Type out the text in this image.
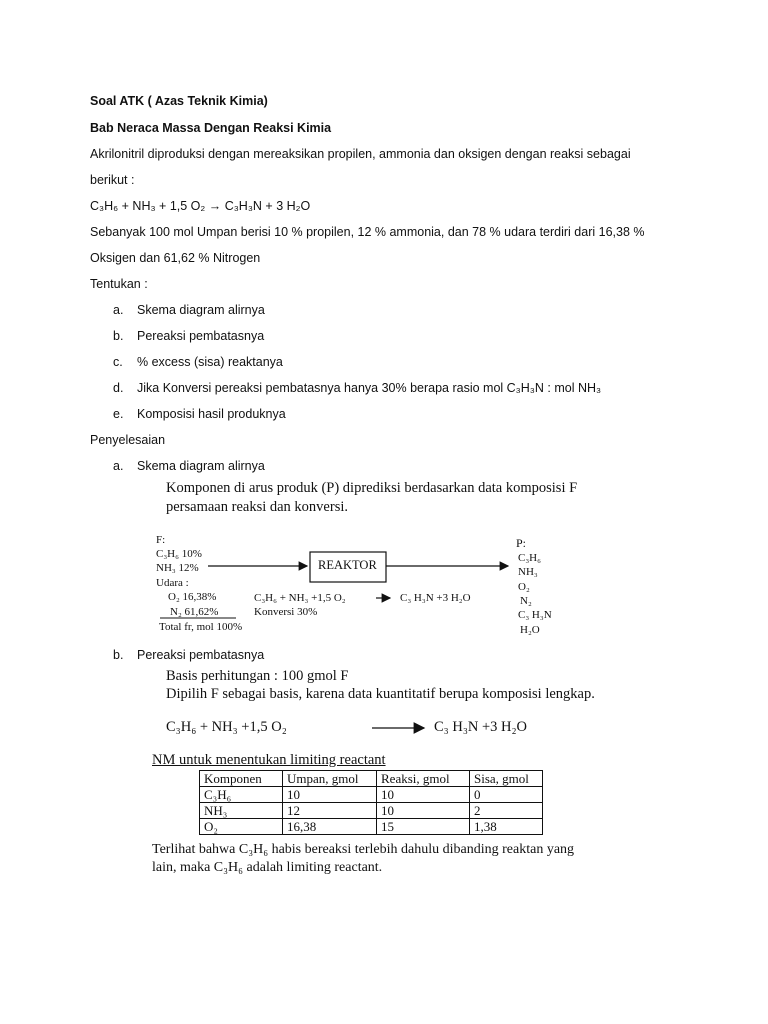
Soal ATK ( Azas Teknik Kimia)
Bab Neraca Massa Dengan Reaksi Kimia
Akrilonitril diproduksi dengan mereaksikan propilen, ammonia dan oksigen dengan reaksi sebagai
berikut :
C₃H₆ + NH₃ + 1,5 O₂ → C₃H₃N + 3 H₂O
Sebanyak 100 mol Umpan berisi 10 % propilen, 12 % ammonia, dan 78 % udara terdiri dari 16,38 %
Oksigen dan 61,62 % Nitrogen
Tentukan :
a. Skema diagram alirnya
b. Pereaksi pembatasnya
c. % excess (sisa) reaktanya
d. Jika Konversi pereaksi pembatasnya hanya 30% berapa rasio mol C₃H₃N : mol NH₃
e. Komposisi hasil produknya
Penyelesaian
a. Skema diagram alirnya
Komponen di arus produk (P) diprediksi berdasarkan data komposisi F
persamaan reaksi dan konversi.
F:
C₃H₆ 10%
NH₃ 12%
Udara :
O₂ 16,38%
N₂ 61,62%
Total fr, mol 100%
REAKTOR
C₃H₆ + NH₃ +1,5 O₂	C₃ H₃N +3 H₂O
Konversi 30%
P:
C₃H₆
NH₃
O₂
N₂
C₃ H₃N
H₂O
b. Pereaksi pembatasnya
Basis perhitungan : 100 gmol F
Dipilih F sebagai basis, karena data kuantitatif berupa komposisi lengkap.
C₃H₆ + NH₃ +1,5 O₂	C₃ H₃N +3 H₂O
NM untuk menentukan limiting reactant
Komponen	Umpan, gmol	Reaksi, gmol	Sisa, gmol
C₃H₆	10	10	0
NH₃	12	10	2
O₂	16,38	15	1,38
Terlihat bahwa C₃H₆ habis bereaksi terlebih dahulu dibanding reaktan yang
lain, maka C₃H₆ adalah limiting reactant.
